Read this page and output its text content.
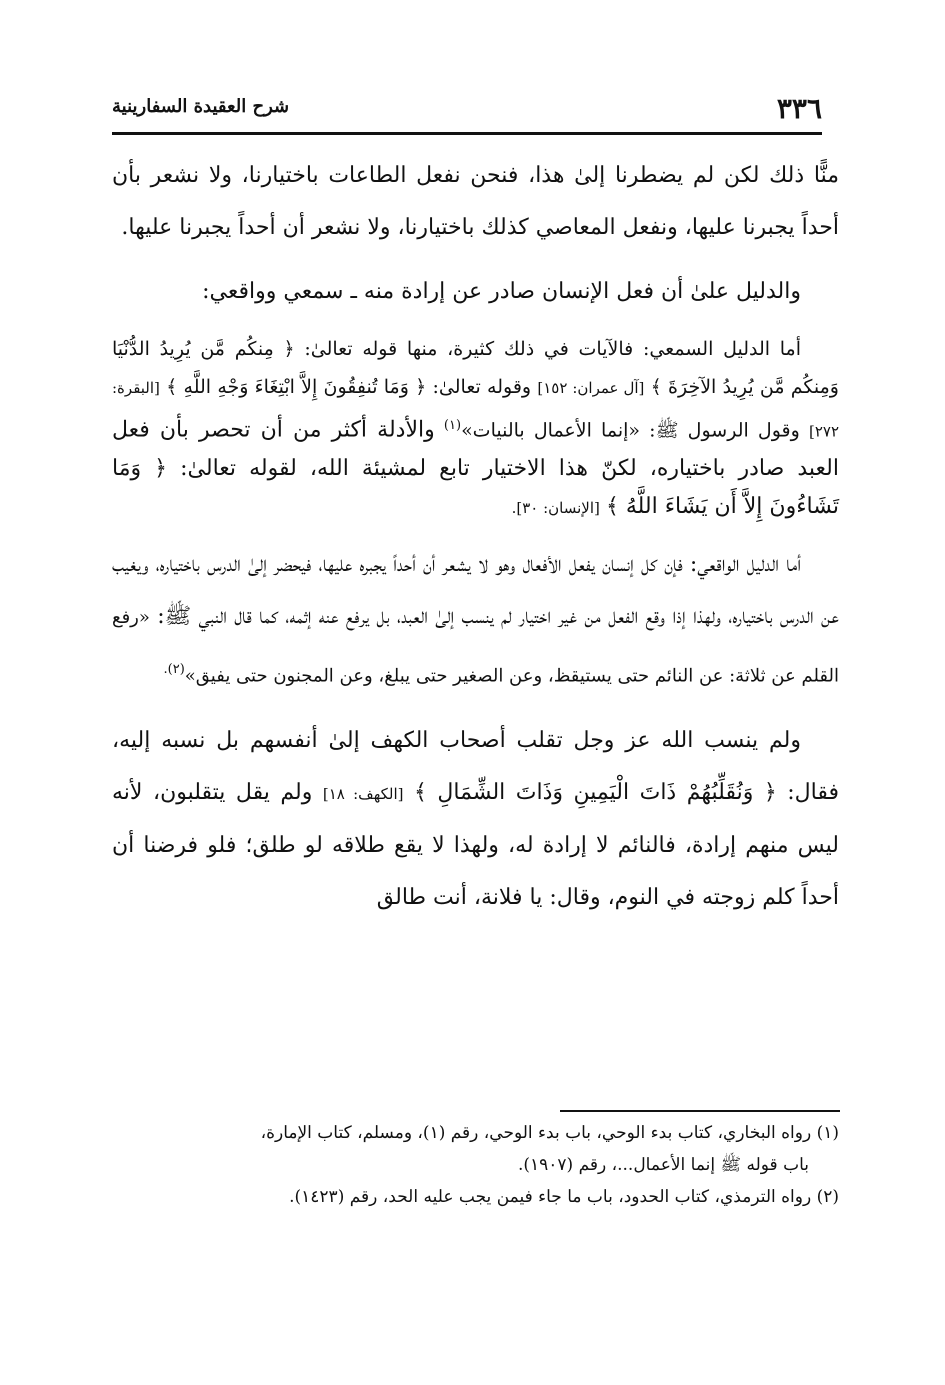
٣٣٦
شرح العقيدة السفارينية

منًّا ذلك لكن لم يضطرنا إلىٰ هذا، فنحن نفعل الطاعات باختيارنا، ولا نشعر بأن أحداً يجبرنا عليها، ونفعل المعاصي كذلك باختيارنا، ولا نشعر أن أحداً يجبرنا عليها.

والدليل علىٰ أن فعل الإنسان صادر عن إرادة منه ـ سمعي وواقعي:

أما الدليل السمعي: فالآيات في ذلك كثيرة، منها قوله تعالىٰ: ﴿ مِنكُم مَّن يُرِيدُ الدُّنْيَا وَمِنكُم مَّن يُرِيدُ الآخِرَةَ ﴾ [آل عمران: ١٥٢] وقوله تعالىٰ: ﴿ وَمَا تُنفِقُونَ إِلاَّ ابْتِغَاءَ وَجْهِ اللَّهِ ﴾ [البقرة: ٢٧٢] وقول الرسول ﷺ: «إنما الأعمال بالنيات»$^{(١)}$ والأدلة أكثر من أن تحصر بأن فعل العبد صادر باختياره، لكنّ هذا الاختيار تابع لمشيئة الله، لقوله تعالىٰ: ﴿ وَمَا تَشَاءُونَ إِلاَّ أَن يَشَاءَ اللَّهُ ﴾ [الإنسان: ٣٠].

أما الدليل الواقعي: فإن كل إنسان يفعل الأفعال وهو لا يشعر أن أحداً يجبره عليها، فيحضر إلىٰ الدرس باختياره، ويغيب عن الدرس باختياره، ولهذا إذا وقع الفعل من غير اختيار لم ينسب إلىٰ العبد، بل يرفع عنه إثمه، كما قال النبي ﷺ: «رفع القلم عن ثلاثة: عن النائم حتى يستيقظ، وعن الصغير حتى يبلغ، وعن المجنون حتى يفيق»$^{(٢).}$

ولم ينسب الله عز وجل تقلب أصحاب الكهف إلىٰ أنفسهم بل نسبه إليه، فقال: ﴿ وَنُقَلِّبُهُمْ ذَاتَ الْيَمِينِ وَذَاتَ الشِّمَالِ ﴾ [الكهف: ١٨] ولم يقل يتقلبون، لأنه ليس منهم إرادة، فالنائم لا إرادة له، ولهذا لا يقع طلاقه لو طلق؛ فلو فرضنا أن أحداً كلم زوجته في النوم، وقال: يا فلانة، أنت طالق

(١) رواه البخاري، كتاب بدء الوحي، باب بدء الوحي، رقم (١)، ومسلم، كتاب الإمارة،

باب قوله ﷺ إنما الأعمال...، رقم (١٩٠٧).

(٢) رواه الترمذي، كتاب الحدود، باب ما جاء فيمن يجب عليه الحد، رقم (١٤٢٣).
